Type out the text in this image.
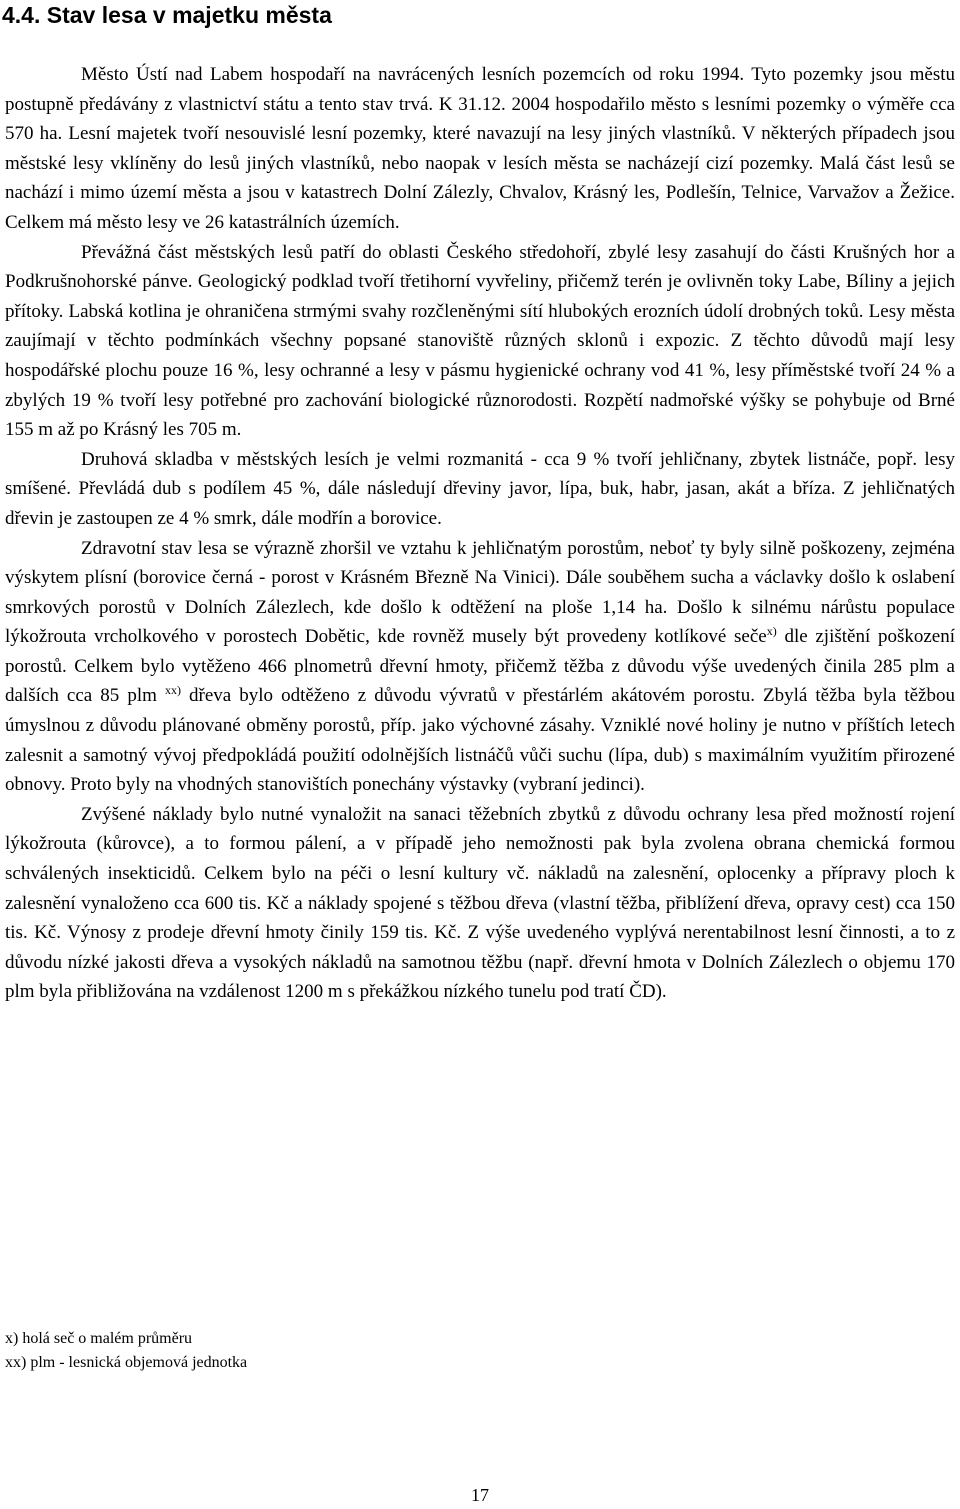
4.4. Stav lesa v majetku města

Město Ústí nad Labem hospodaří na navrácených lesních pozemcích od roku 1994. Tyto pozemky jsou městu postupně předávány z vlastnictví státu a tento stav trvá. K 31.12. 2004 hospodařilo město s lesními pozemky o výměře cca 570 ha. Lesní majetek tvoří nesouvislé lesní pozemky, které navazují na lesy jiných vlastníků. V některých případech jsou městské lesy vklíněny do lesů jiných vlastníků, nebo naopak v lesích města se nacházejí cizí pozemky. Malá část lesů se nachází i mimo území města a jsou v katastrech Dolní Zálezly, Chvalov, Krásný les, Podlešín, Telnice, Varvažov a Žežice. Celkem má město lesy ve 26 katastrálních územích.

Převážná část městských lesů patří do oblasti Českého středohoří, zbylé lesy zasahují do části Krušných hor a Podkrušnohorské pánve. Geologický podklad tvoří třetihorní vyvřeliny, přičemž terén je ovlivněn toky Labe, Bíliny a jejich přítoky. Labská kotlina je ohraničena strmými svahy rozčleněnými sítí hlubokých erozních údolí drobných toků. Lesy města zaujímají v těchto podmínkách všechny popsané stanoviště různých sklonů i expozic. Z těchto důvodů mají lesy hospodářské plochu pouze 16 %, lesy ochranné a lesy v pásmu hygienické ochrany vod 41 %, lesy příměstské tvoří 24 % a zbylých 19 % tvoří lesy potřebné pro zachování biologické různorodosti. Rozpětí nadmořské výšky se pohybuje od Brné 155 m až po Krásný les 705 m.

Druhová skladba v městských lesích je velmi rozmanitá - cca 9 % tvoří jehličnany, zbytek listnáče, popř. lesy smíšené. Převládá dub s podílem 45 %, dále následují dřeviny javor, lípa, buk, habr, jasan, akát a bříza. Z jehličnatých dřevin je zastoupen ze 4 % smrk, dále modřín a borovice.

Zdravotní stav lesa se výrazně zhoršil ve vztahu k jehličnatým porostům, neboť ty byly silně poškozeny, zejména výskytem plísní (borovice černá - porost v Krásném Březně Na Vinici). Dále souběhem sucha a václavky došlo k oslabení smrkových porostů v Dolních Zálezlech, kde došlo k odtěžení na ploše 1,14 ha. Došlo k silnému nárůstu populace lýkožrouta vrcholkového v porostech Dobětic, kde rovněž musely být provedeny kotlíkové seče$^{x)}$ dle zjištění poškození porostů. Celkem bylo vytěženo 466 plnometrů dřevní hmoty, přičemž těžba z důvodu výše uvedených činila 285 plm a dalších cca 85 plm $^{xx)}$ dřeva bylo odtěženo z důvodu vývratů v přestárlém akátovém porostu. Zbylá těžba byla těžbou úmyslnou z důvodu plánované obměny porostů, příp. jako výchovné zásahy. Vzniklé nové holiny je nutno v příštích letech zalesnit a samotný vývoj předpokládá použití odolnějších listnáčů vůči suchu (lípa, dub) s maximálním využitím přirozené obnovy. Proto byly na vhodných stanovištích ponechány výstavky (vybraní jedinci).

Zvýšené náklady bylo nutné vynaložit na sanaci těžebních zbytků z důvodu ochrany lesa před možností rojení lýkožrouta (kůrovce), a to formou pálení, a v případě jeho nemožnosti pak byla zvolena obrana chemická formou schválených insekticidů. Celkem bylo na péči o lesní kultury vč. nákladů na zalesnění, oplocenky a přípravy ploch k zalesnění vynaloženo cca 600 tis. Kč a náklady spojené s těžbou dřeva (vlastní těžba, přiblížení dřeva, opravy cest) cca 150 tis. Kč. Výnosy z prodeje dřevní hmoty činily 159 tis. Kč. Z výše uvedeného vyplývá nerentabilnost lesní činnosti, a to z důvodu nízké jakosti dřeva a vysokých nákladů na samotnou těžbu (např. dřevní hmota v Dolních Zálezlech o objemu 170 plm byla přibližována na vzdálenost 1200 m s překážkou nízkého tunelu pod tratí ČD).

x) holá seč o malém průměru
xx) plm - lesnická objemová jednotka
17
